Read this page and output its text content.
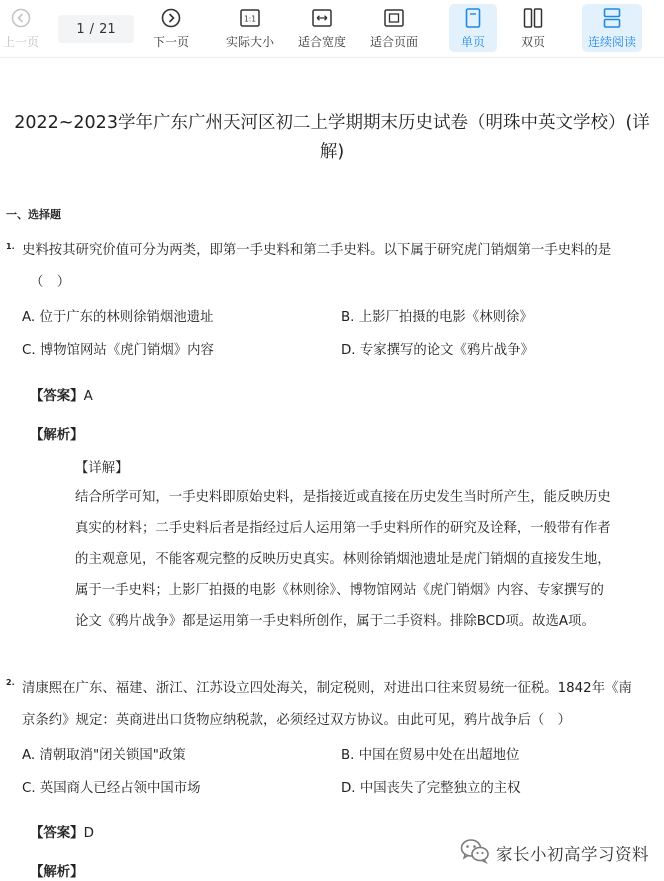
上一页
1 / 21
下一页
1:1
实际大小 适合宽度 适合页面	单页	双页	连续阅读
2022~2023学年广东广州天河区初二上学期期末历史试卷（明珠中英文学校）(详
解)
一、选择题
1. 史料按其研究价值可分为两类，即第一手史料和第二手史料。以下属于研究虎门销烟第一手史料的是
（　）
A. 位于广东的林则徐销烟池遗址	B. 上影厂拍摄的电影《林则徐》
C. 博物馆网站《虎门销烟》内容	D. 专家撰写的论文《鸦片战争》
【答案】A
【解析】
【详解】
结合所学可知，一手史料即原始史料，是指接近或直接在历史发生当时所产生，能反映历史
真实的材料；二手史料后者是指经过后人运用第一手史料所作的研究及诠释，一般带有作者
的主观意见，不能客观完整的反映历史真实。林则徐销烟池遗址是虎门销烟的直接发生地，
属于一手史料；上影厂拍摄的电影《林则徐》、博物馆网站《虎门销烟》内容、专家撰写的
论文《鸦片战争》都是运用第一手史料所创作，属于二手资料。排除BCD项。故选A项。
2. 清康熙在广东、福建、浙江、江苏设立四处海关，制定税则，对进出口往来贸易统一征税。1842年《南
京条约》规定：英商进出口货物应纳税款，必须经过双方协议。由此可见，鸦片战争后（　）
A. 清朝取消"闭关锁国"政策	B. 中国在贸易中处在出超地位
C. 英国商人已经占领中国市场	D. 中国丧失了完整独立的主权
【答案】D
【解析】
家长小初高学习资料
